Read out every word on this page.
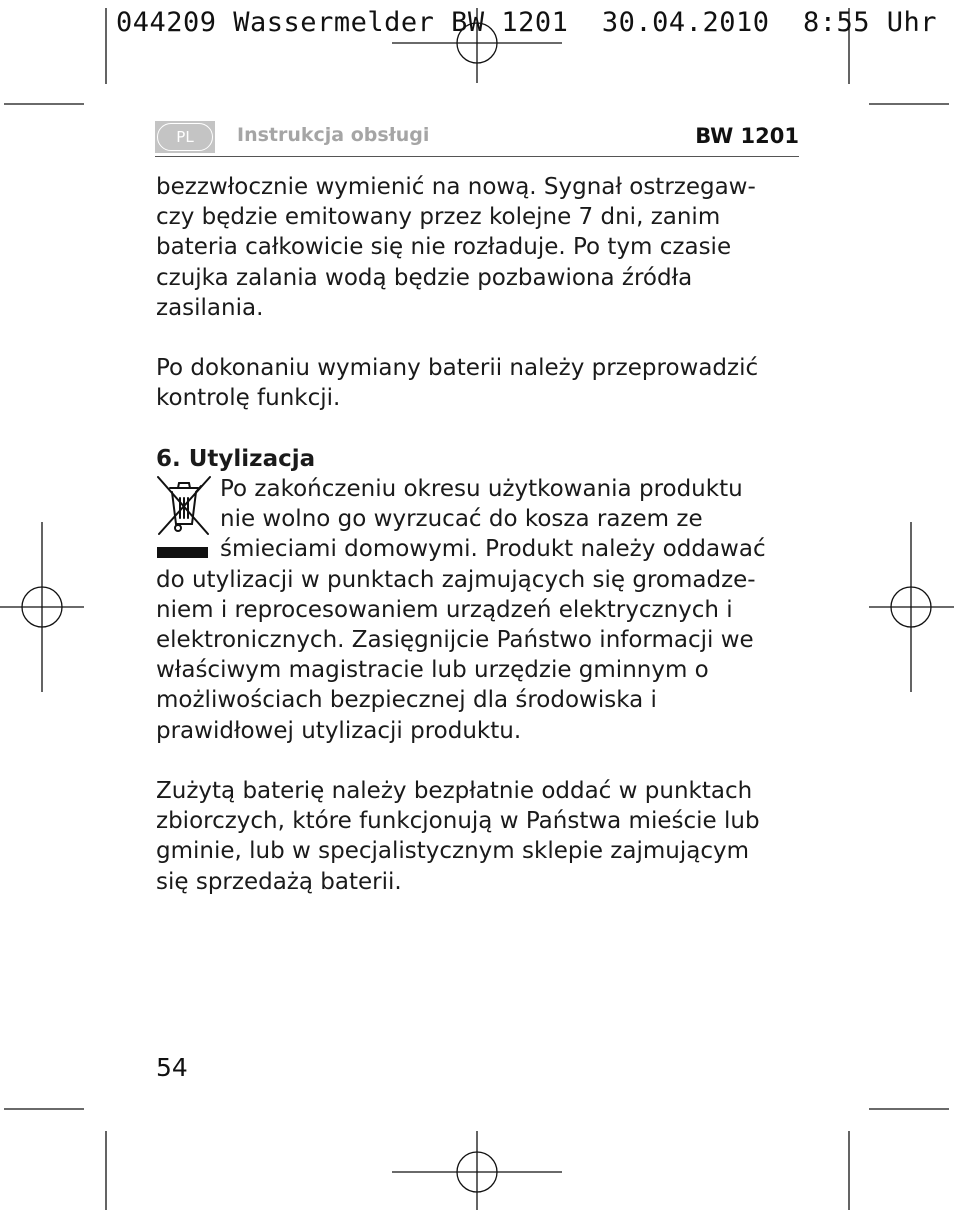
044209 Wassermelder BW 1201  30.04.2010  8:55 Uhr
PL	Instrukcja obsługi	BW 1201

bezzwłocznie wymienić na nową. Sygnał ostrzegaw-

czy będzie emitowany przez kolejne 7 dni, zanim

bateria całkowicie się nie rozładuje. Po tym czasie

czujka zalania wodą będzie pozbawiona źródła

zasilania.

Po dokonaniu wymiany baterii należy przeprowadzić

kontrolę funkcji.

6. Utylizacja

Po zakończeniu okresu użytkowania produktu

nie wolno go wyrzucać do kosza razem ze

śmieciami domowymi. Produkt należy oddawać

do utylizacji w punktach zajmujących się gromadze-

niem i reprocesowaniem urządzeń elektrycznych i

elektronicznych. Zasięgnijcie Państwo informacji we

właściwym magistracie lub urzędzie gminnym o

możliwościach bezpiecznej dla środowiska i

prawidłowej utylizacji produktu.

Zużytą baterię należy bezpłatnie oddać w punktach

zbiorczych, które funkcjonują w Państwa mieście lub

gminie, lub w specjalistycznym sklepie zajmującym

się sprzedażą baterii.

54
